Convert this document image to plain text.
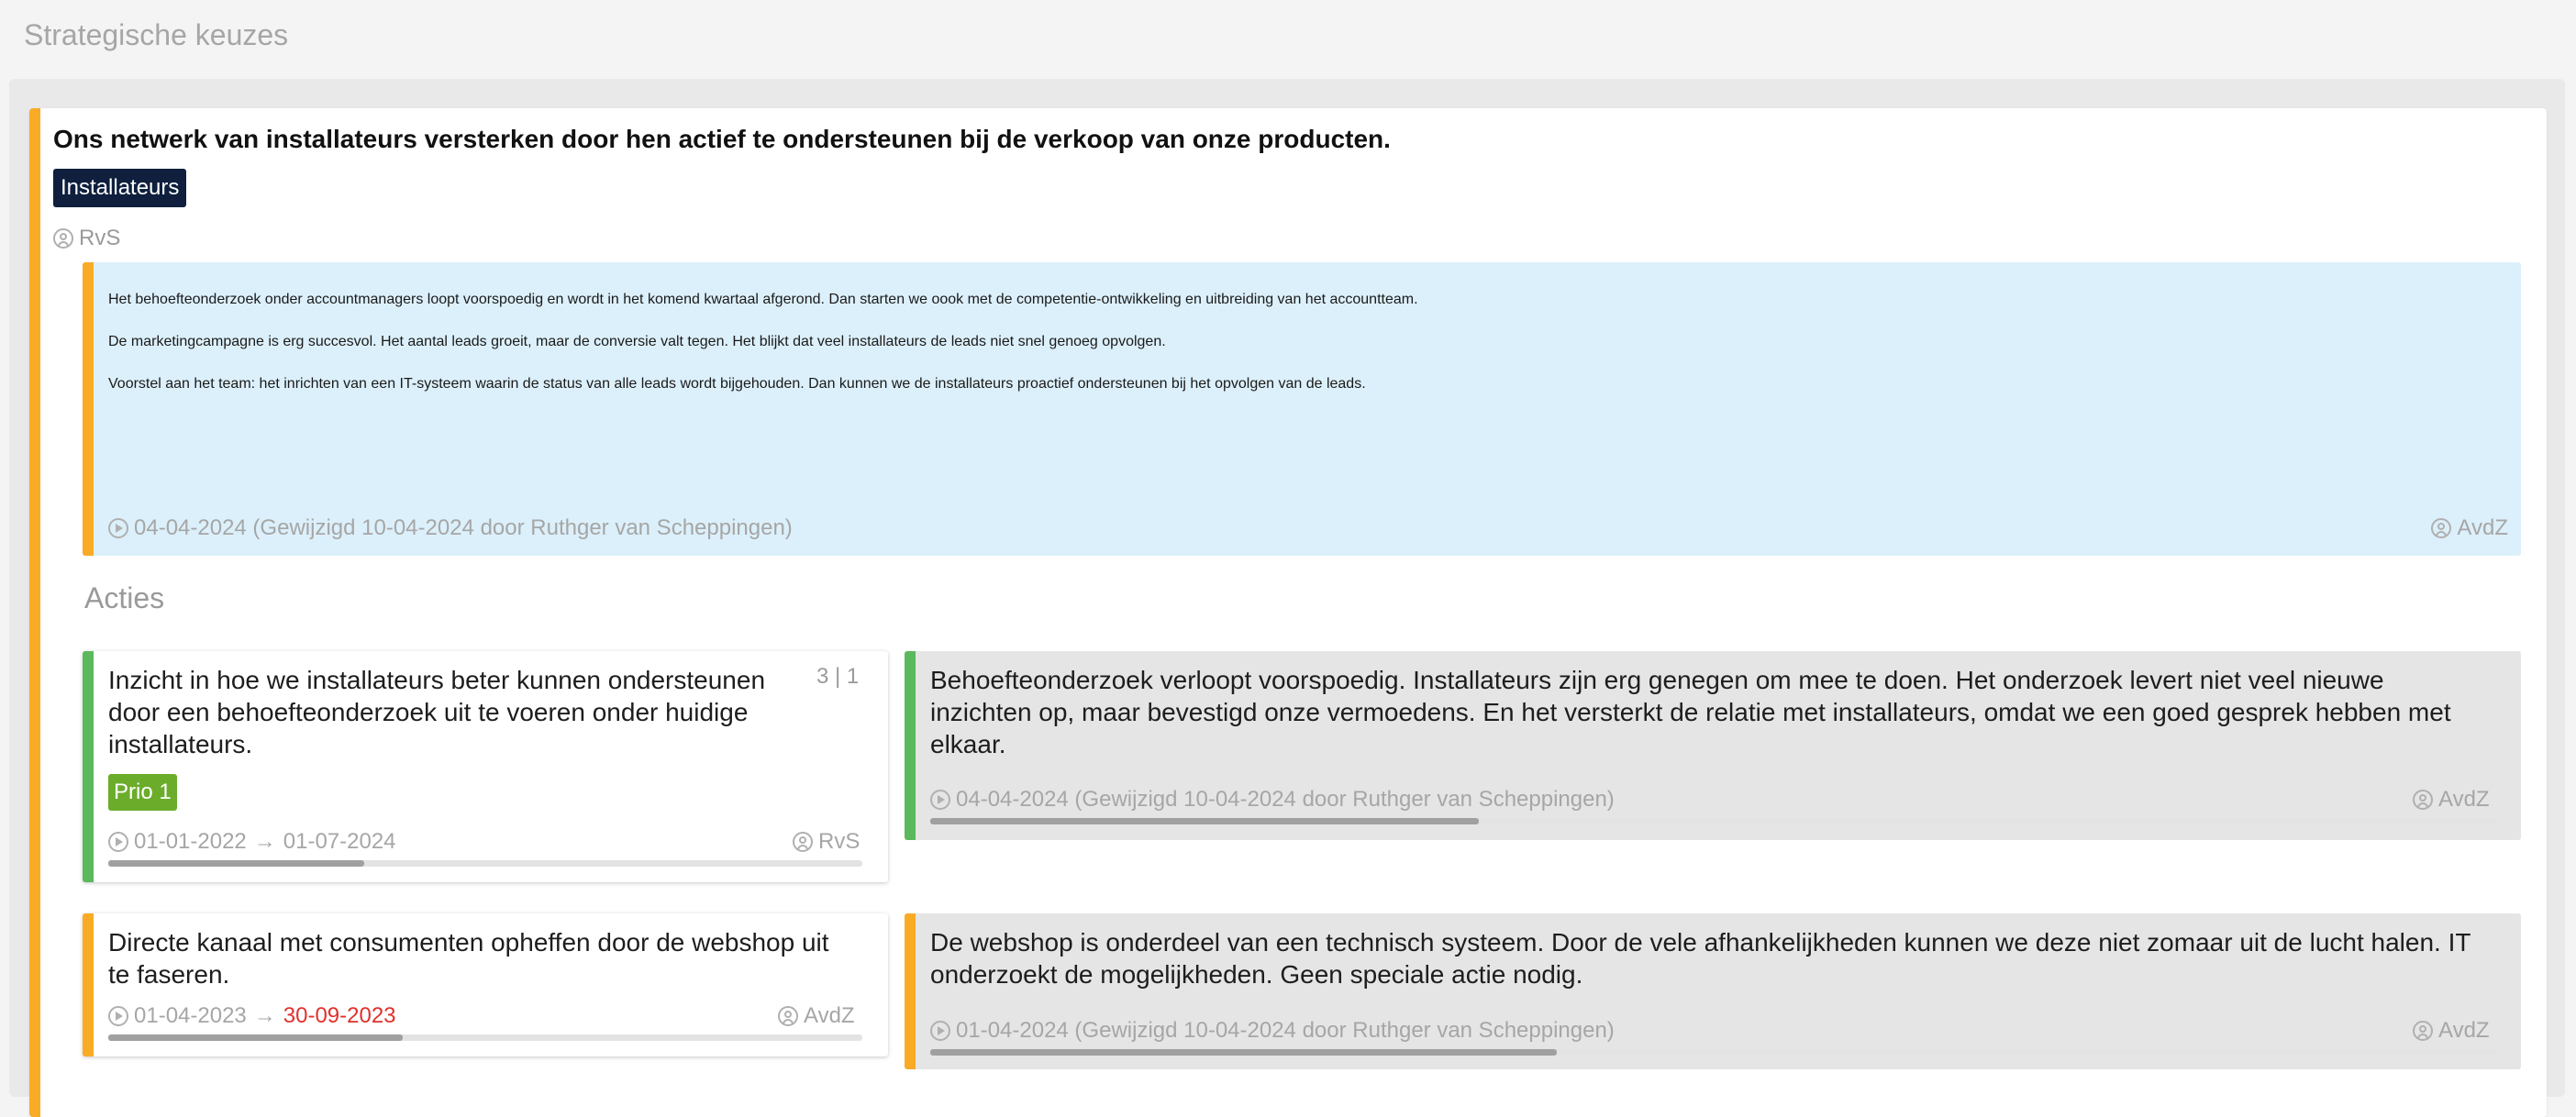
Strategische keuzes
Ons netwerk van installateurs versterken door hen actief te ondersteunen bij de verkoop van onze producten.
Installateurs
RvS

Het behoefteonderzoek onder accountmanagers loopt voorspoedig en wordt in het komend kwartaal afgerond. Dan starten we oook met de competentie-ontwikkeling en uitbreiding van het accountteam.

De marketingcampagne is erg succesvol. Het aantal leads groeit, maar de conversie valt tegen. Het blijkt dat veel installateurs de leads niet snel genoeg opvolgen.

Voorstel aan het team: het inrichten van een IT-systeem waarin de status van alle leads wordt bijgehouden. Dan kunnen we de installateurs proactief ondersteunen bij het opvolgen van de leads.

04-04-2024 (Gewijzigd 10-04-2024 door Ruthger van Scheppingen)	AvdZ
Acties
Inzicht in hoe we installateurs beter kunnen ondersteunen door een behoefteonderzoek uit te voeren onder huidige installateurs.
3 | 1
Prio 1
01-01-2022 → 01-07-2024	RvS
Behoefteonderzoek verloopt voorspoedig. Installateurs zijn erg genegen om mee te doen. Het onderzoek levert niet veel nieuwe inzichten op, maar bevestigd onze vermoedens. En het versterkt de relatie met installateurs, omdat we een goed gesprek hebben met elkaar.
04-04-2024 (Gewijzigd 10-04-2024 door Ruthger van Scheppingen)	AvdZ
Directe kanaal met consumenten opheffen door de webshop uit te faseren.
01-04-2023 → 30-09-2023	AvdZ
De webshop is onderdeel van een technisch systeem. Door de vele afhankelijkheden kunnen we deze niet zomaar uit de lucht halen. IT onderzoekt de mogelijkheden. Geen speciale actie nodig.
01-04-2024 (Gewijzigd 10-04-2024 door Ruthger van Scheppingen)	AvdZ
